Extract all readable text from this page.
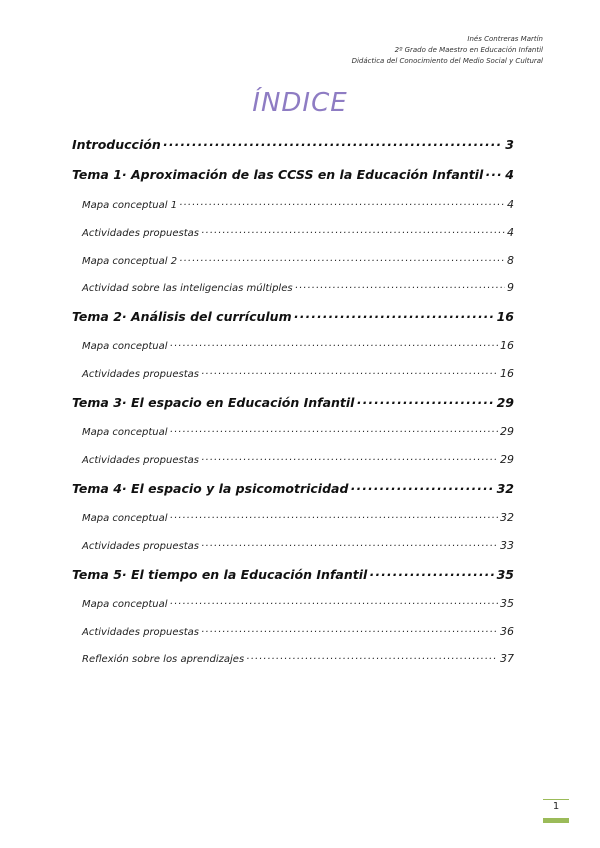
Inés Contreras Martín
2º Grado de Maestro en Educación Infantil
Didáctica del Conocimiento del Medio Social y Cultural
ÍNDICE
Introducción ·····	3
Tema 1· Aproximación de las CCSS en la Educación Infantil ····· 4
Mapa conceptual 1 ·····	4
Actividades propuestas ·····	4
Mapa conceptual 2 ·····	8
Actividad sobre las inteligencias múltiples ·····	9
Tema 2· Análisis del currículum ·····	16
Mapa conceptual ·····	16
Actividades propuestas ·····	16
Tema 3· El espacio en Educación Infantil ·····	29
Mapa conceptual ·····	29
Actividades propuestas ·····	29
Tema 4· El espacio y la psicomotricidad ·····	32
Mapa conceptual ·····	32
Actividades propuestas ·····	33
Tema 5· El tiempo en la Educación Infantil ·····	35
Mapa conceptual ·····	35
Actividades propuestas ·····	36
Reflexión sobre los aprendizajes ·····	37
1
